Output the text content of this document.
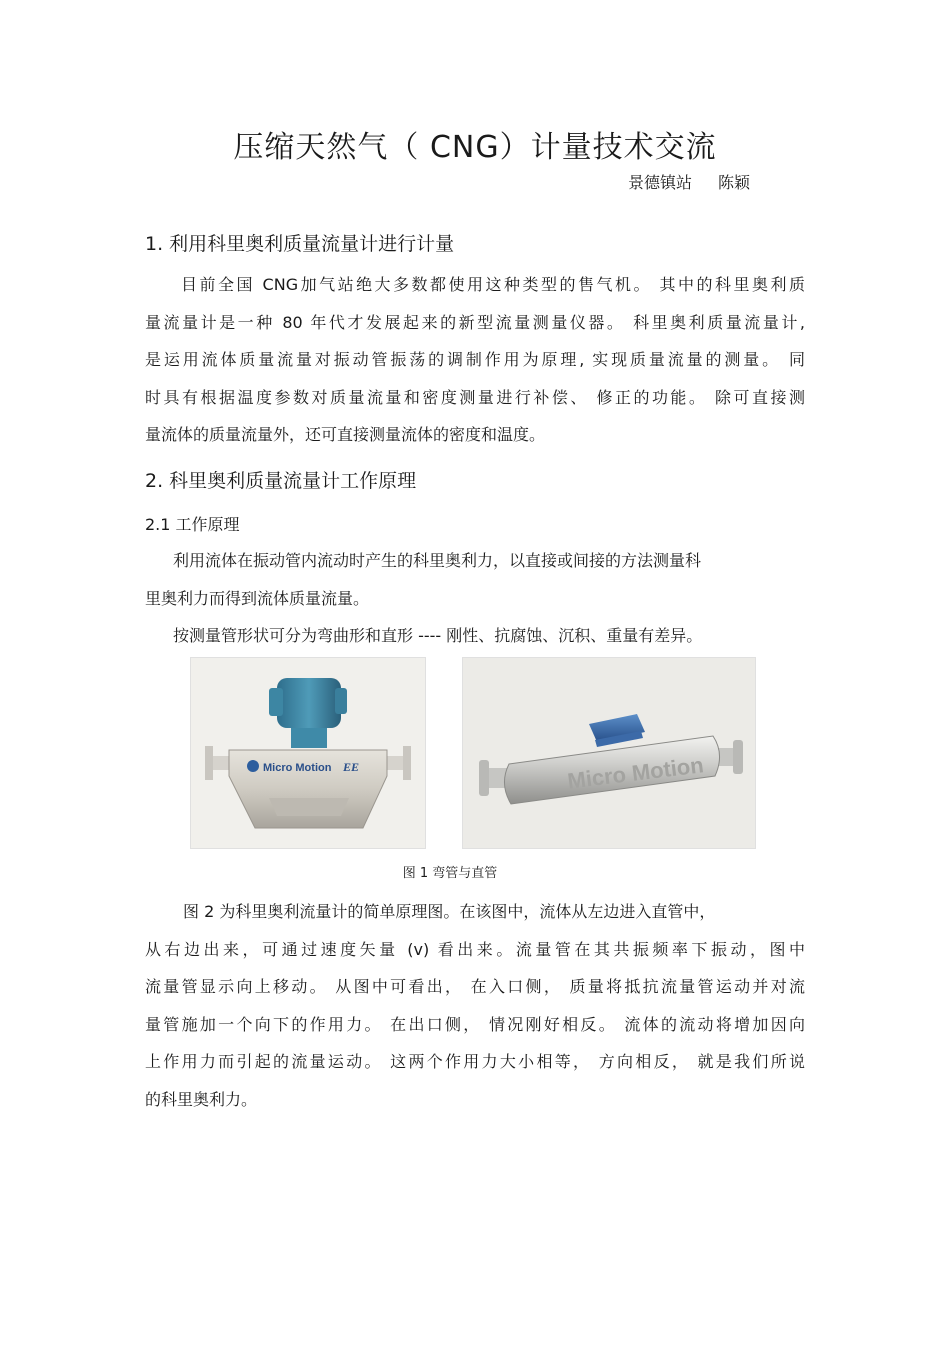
压缩天然气（ CNG）计量技术交流
景德镇站 陈颖
1. 利用科里奥利质量流量计进行计量
目前全国 CNG加气站绝大多数都使用这种类型的售气机。 其中的科里奥利质
量流量计是一种 80 年代才发展起来的新型流量测量仪器。 科里奥利质量流量计,
是运用流体质量流量对振动管振荡的调制作用为原理, 实现质量流量的测量。 同
时具有根据温度参数对质量流量和密度测量进行补偿、 修正的功能。 除可直接测
量流体的质量流量外，还可直接测量流体的密度和温度。
2. 科里奥利质量流量计工作原理
2.1 工作原理
利用流体在振动管内流动时产生的科里奥利力，以直接或间接的方法测量科
里奥利力而得到流体质量流量。
按测量管形状可分为弯曲形和直形 ---- 刚性、抗腐蚀、沉积、重量有差异。
Micro Motion EE	Micro Motion
图 1 弯管与直管
图 2 为科里奥利流量计的简单原理图。在该图中，流体从左边进入直管中，
从右边出来，可通过速度矢量 (v) 看出来。流量管在其共振频率下振动，图中
流量管显示向上移动。 从图中可看出， 在入口侧， 质量将抵抗流量管运动并对流
量管施加一个向下的作用力。 在出口侧， 情况刚好相反。 流体的流动将增加因向
上作用力而引起的流量运动。 这两个作用力大小相等， 方向相反， 就是我们所说
的科里奥利力。
